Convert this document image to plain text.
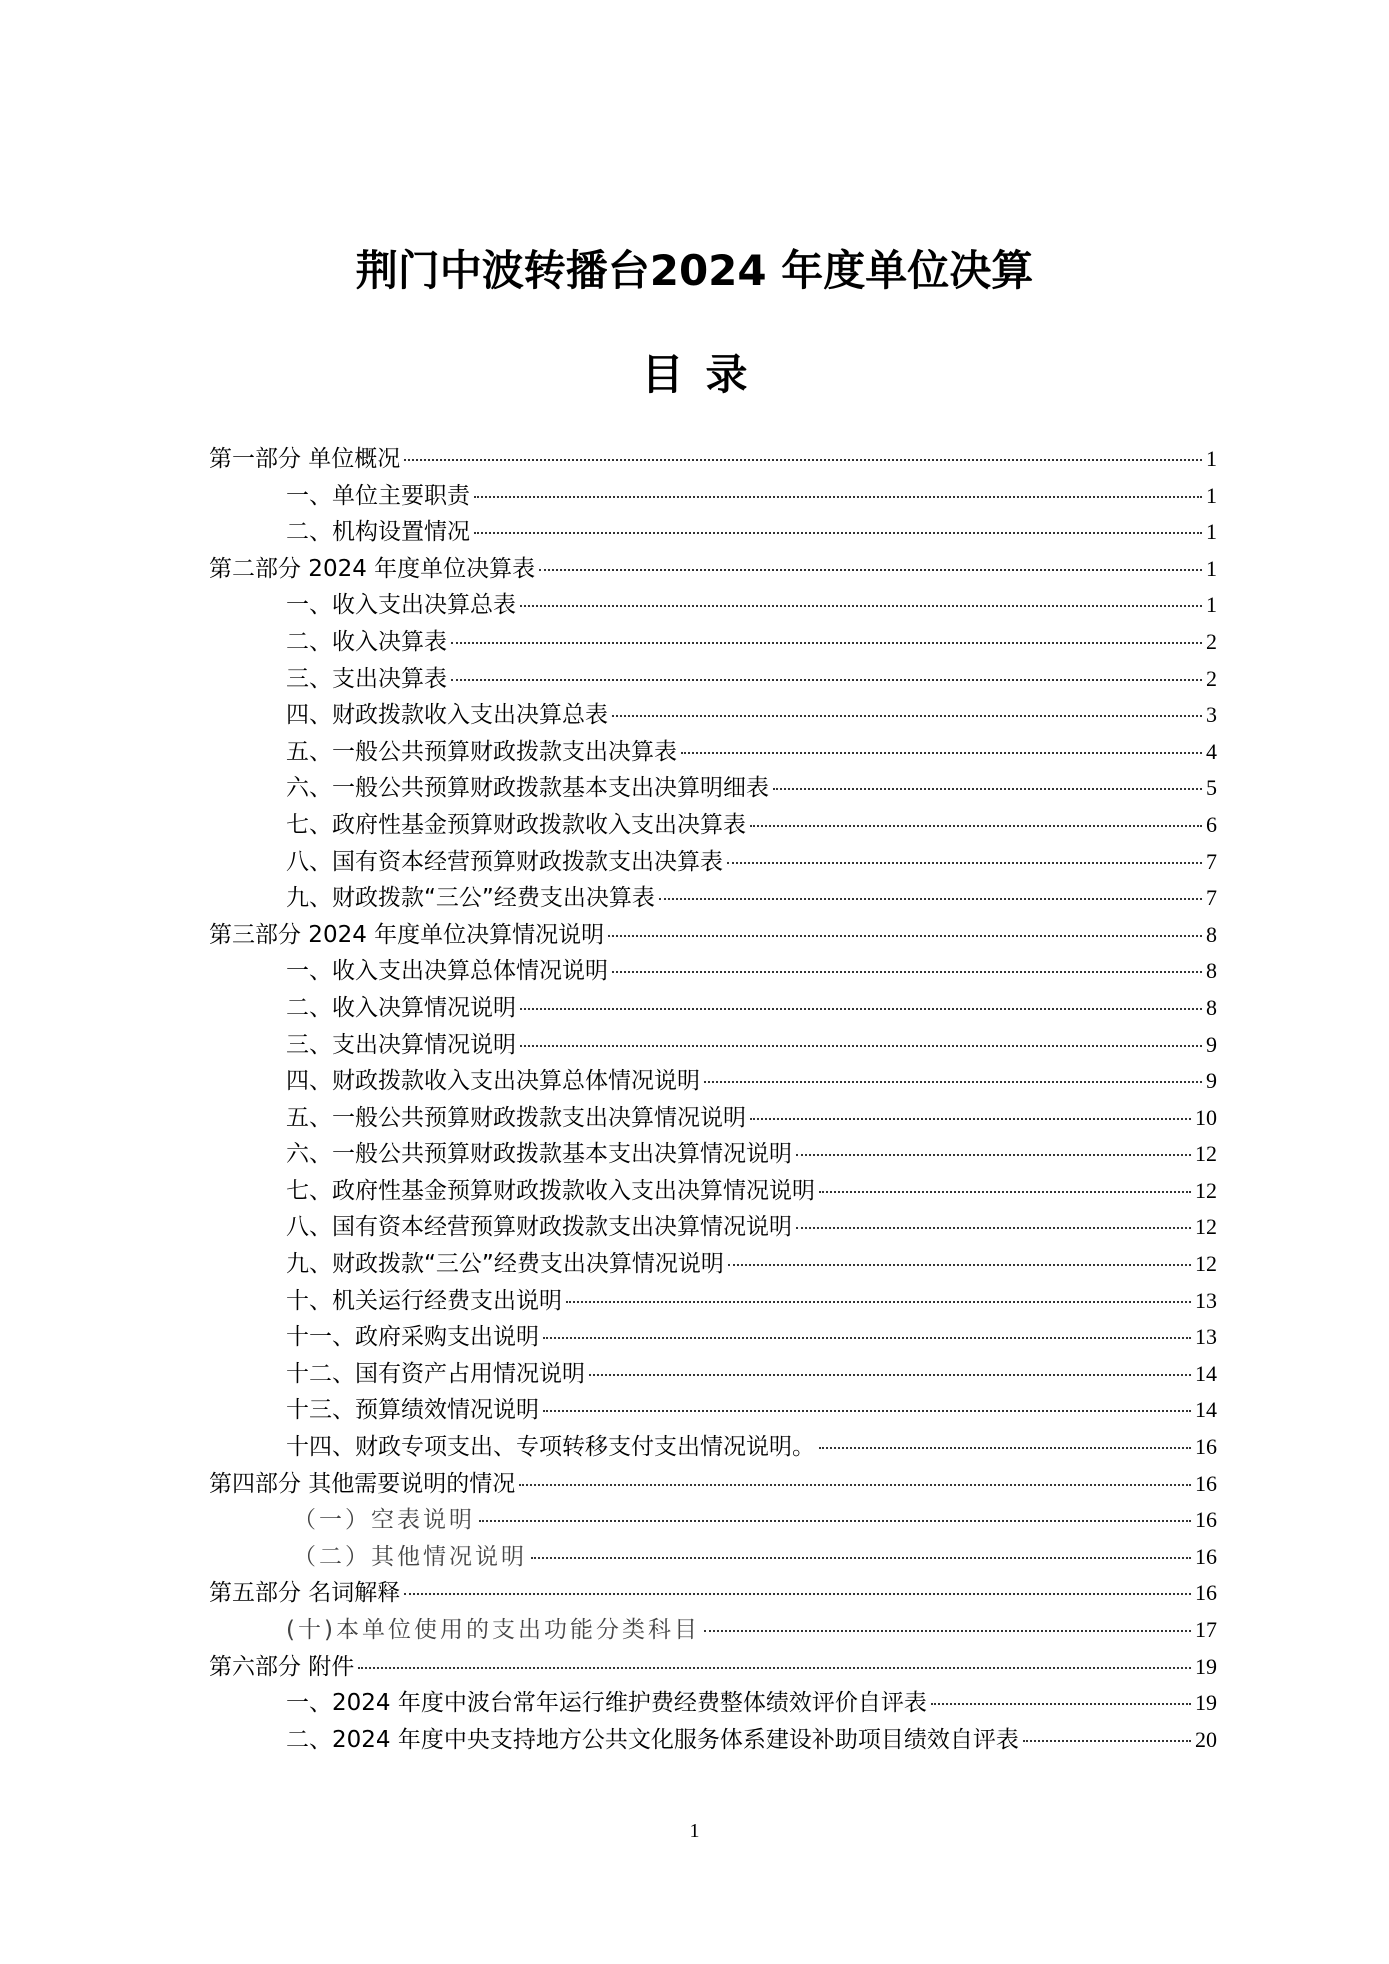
荆门中波转播台2024 年度单位决算
目录
第一部分 单位概况	1
一、单位主要职责	1
二、机构设置情况	1
第二部分 2024 年度单位决算表	1
一、收入支出决算总表	1
二、收入决算表	2
三、支出决算表	2
四、财政拨款收入支出决算总表	3
五、一般公共预算财政拨款支出决算表	4
六、一般公共预算财政拨款基本支出决算明细表	5
七、政府性基金预算财政拨款收入支出决算表	6
八、国有资本经营预算财政拨款支出决算表	7
九、财政拨款“三公”经费支出决算表	7
第三部分 2024 年度单位决算情况说明	8
一、收入支出决算总体情况说明	8
二、收入决算情况说明	8
三、支出决算情况说明	9
四、财政拨款收入支出决算总体情况说明	9
五、一般公共预算财政拨款支出决算情况说明	10
六、一般公共预算财政拨款基本支出决算情况说明	12
七、政府性基金预算财政拨款收入支出决算情况说明	12
八、国有资本经营预算财政拨款支出决算情况说明	12
九、财政拨款“三公”经费支出决算情况说明	12
十、机关运行经费支出说明	13
十一、政府采购支出说明	13
十二、国有资产占用情况说明	14
十三、预算绩效情况说明	14
十四、财政专项支出、专项转移支付支出情况说明。	16
第四部分 其他需要说明的情况	16
（一）空表说明	16
（二）其他情况说明	16
第五部分 名词解释	16
(十)本单位使用的支出功能分类科目	17
第六部分 附件	19
一、2024 年度中波台常年运行维护费经费整体绩效评价自评表	19
二、2024 年度中央支持地方公共文化服务体系建设补助项目绩效自评表	20
1
